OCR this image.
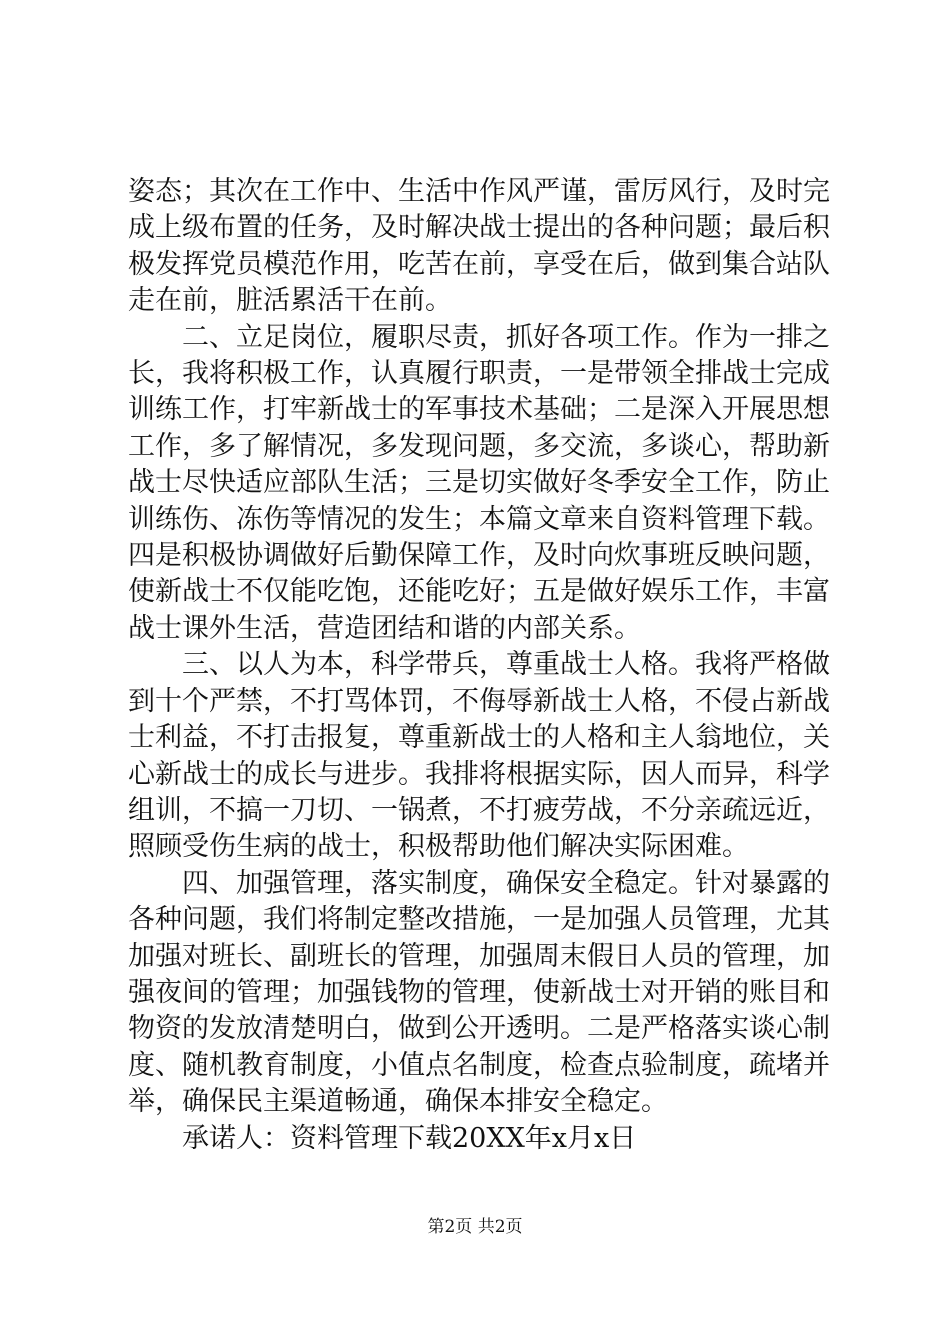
姿态；其次在工作中、生活中作风严谨，雷厉风行，及时完成上级布置的任务，及时解决战士提出的各种问题；最后积极发挥党员模范作用，吃苦在前，享受在后，做到集合站队走在前，脏活累活干在前。

二、立足岗位，履职尽责，抓好各项工作。作为一排之长，我将积极工作，认真履行职责，一是带领全排战士完成训练工作，打牢新战士的军事技术基础；二是深入开展思想工作，多了解情况，多发现问题，多交流，多谈心，帮助新战士尽快适应部队生活；三是切实做好冬季安全工作，防止训练伤、冻伤等情况的发生；本篇文章来自资料管理下载。四是积极协调做好后勤保障工作，及时向炊事班反映问题，使新战士不仅能吃饱，还能吃好；五是做好娱乐工作，丰富战士课外生活，营造团结和谐的内部关系。

三、以人为本，科学带兵，尊重战士人格。我将严格做到十个严禁，不打骂体罚，不侮辱新战士人格，不侵占新战士利益，不打击报复，尊重新战士的人格和主人翁地位，关心新战士的成长与进步。我排将根据实际，因人而异，科学组训，不搞一刀切、一锅煮，不打疲劳战，不分亲疏远近，照顾受伤生病的战士，积极帮助他们解决实际困难。

四、加强管理，落实制度，确保安全稳定。针对暴露的各种问题，我们将制定整改措施，一是加强人员管理，尤其加强对班长、副班长的管理，加强周末假日人员的管理，加强夜间的管理；加强钱物的管理，使新战士对开销的账目和物资的发放清楚明白，做到公开透明。二是严格落实谈心制度、随机教育制度，小值点名制度，检查点验制度，疏堵并举，确保民主渠道畅通，确保本排安全稳定。

承诺人：资料管理下载20XX年x月x日

第2页 共2页
